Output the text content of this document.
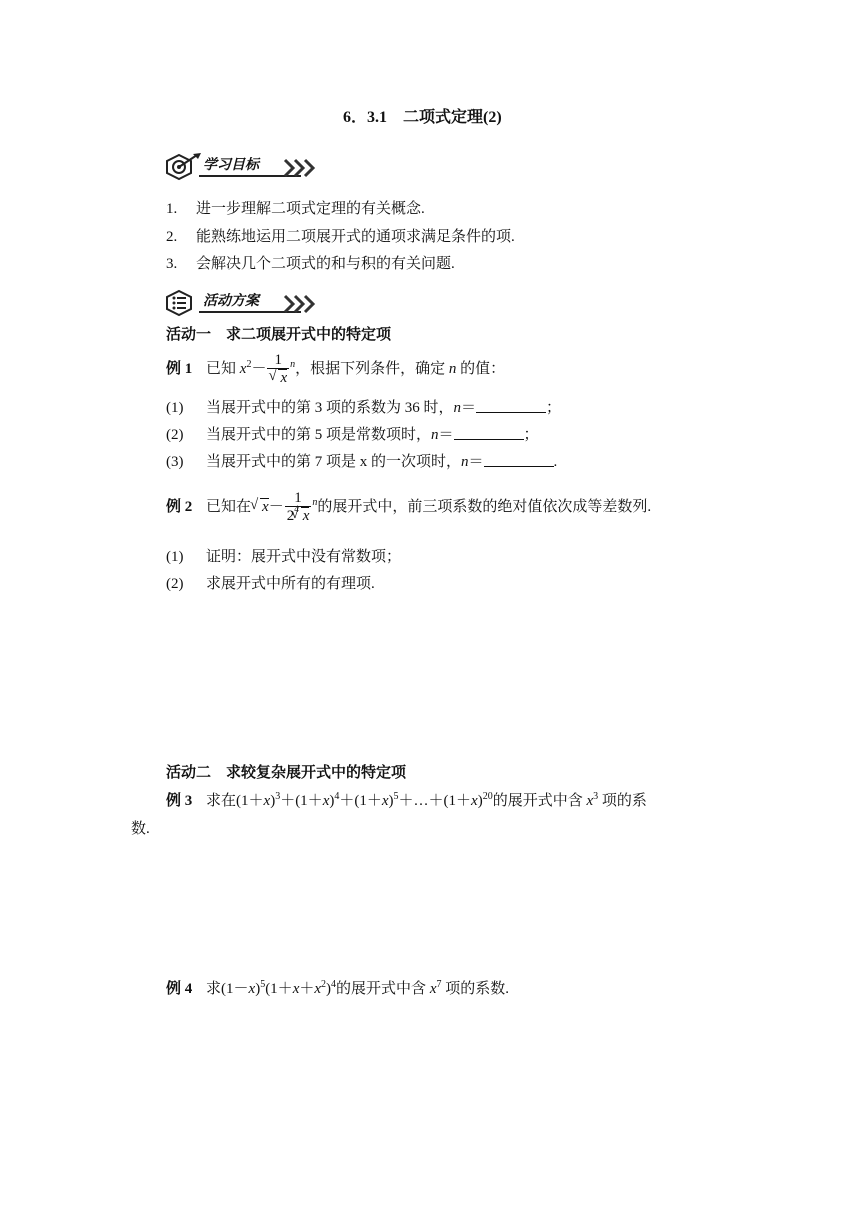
6．3.1　二项式定理(2)
学习目标
1. 进一步理解二项式定理的有关概念.
2. 能熟练地运用二项展开式的通项求满足条件的项.
3. 会解决几个二项式的和与积的有关问题.
活动方案
活动一　求二项展开式中的特定项
例 1 已知 $x^2- 1$
√ x $^n$，根据下列条件，确定 n 的值：
(1) 当展开式中的第 3 项的系数为 36 时，n＝	；
(2) 当展开式中的第 5 项是常数项时，n＝	；
(3) 当展开式中的第 7 项是 x 的一次项时，n＝	.
例 2 已知在 √ $x- \frac{1}{2^4 √ x} ^n$的展开式中，前三项系数的绝对值依次成等差数列.
(1) 证明：展开式中没有常数项；
(2) 求展开式中所有的有理项.
活动二　求较复杂展开式中的特定项
例 3 求在$(1+x)^3+(1+x)^4+(1+x)^5+\dots+(1+x)^{20}$的展开式中含 $x^3$ 项的系
数.
例 4 求$(1-x)^5(1+x+x^2)^4$的展开式中含 $x^7$ 项的系数.
